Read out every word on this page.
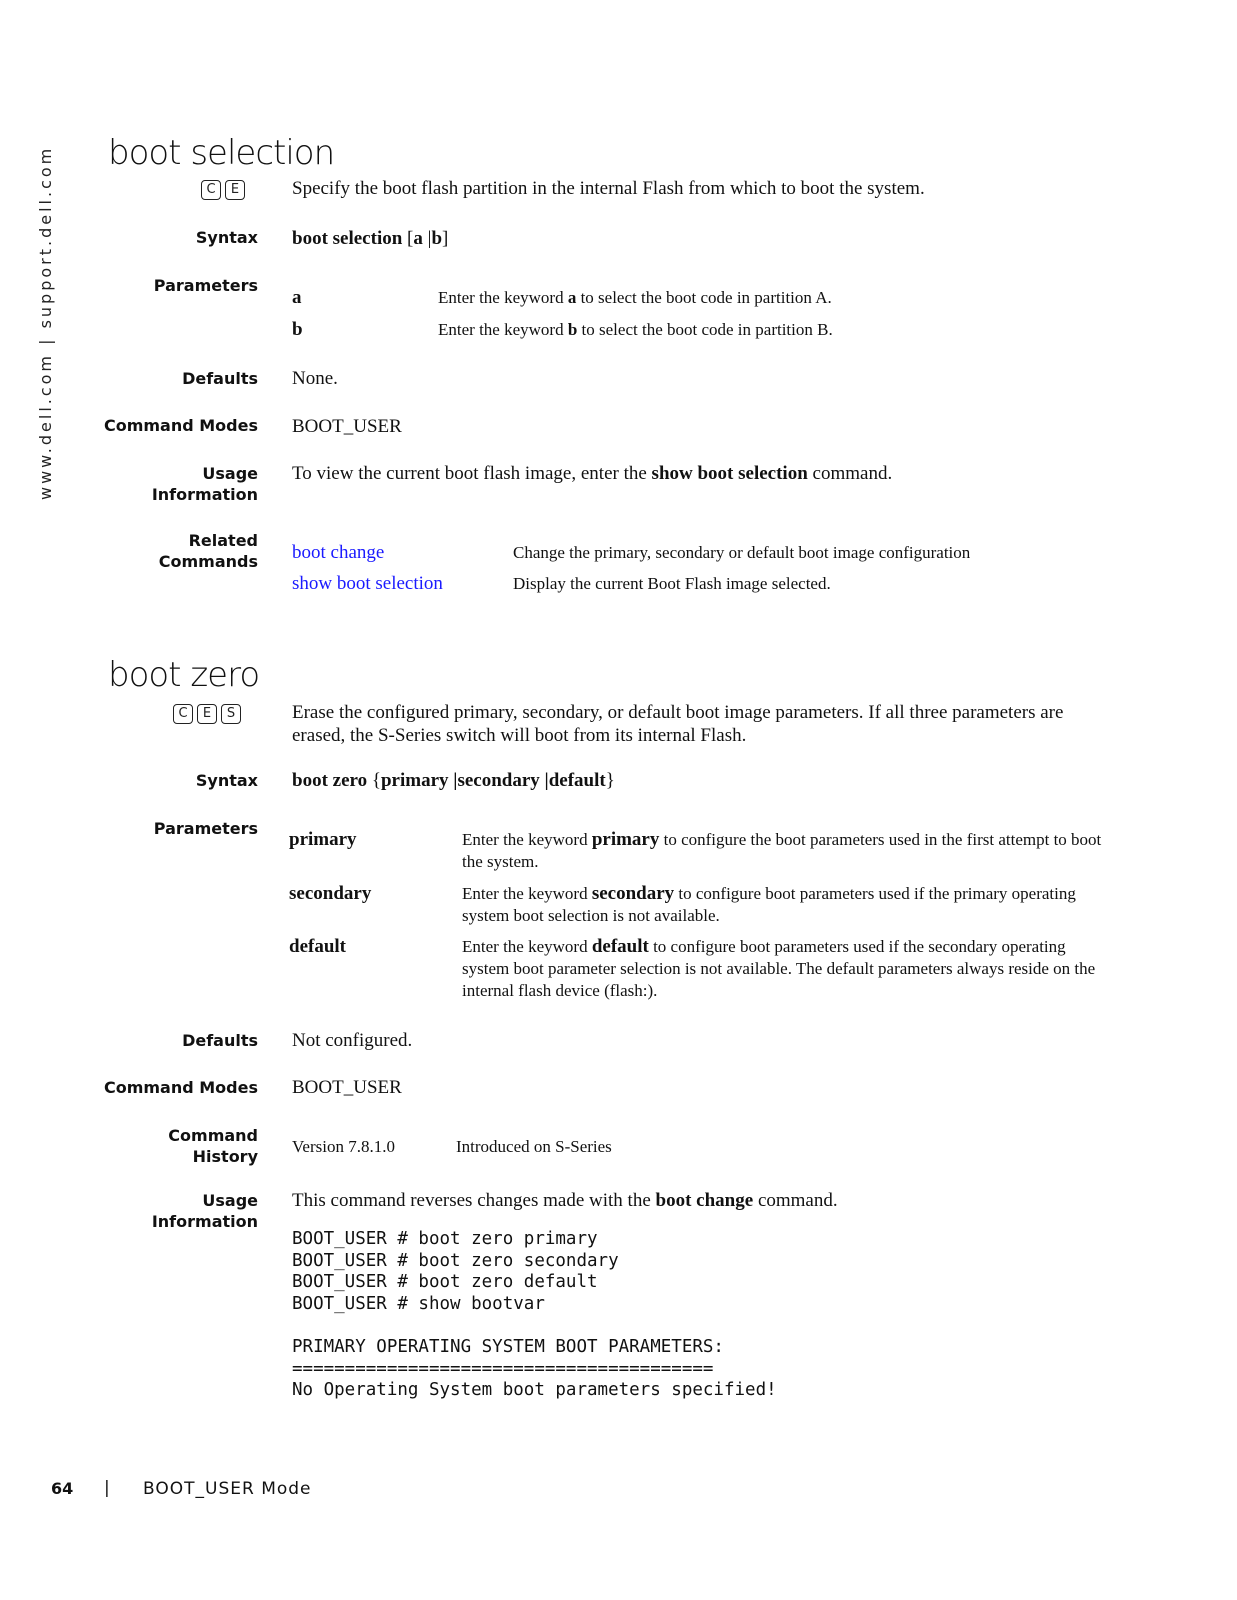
www.dell.com | support.dell.com	boot selection
C	E	Specify the boot flash partition in the internal Flash from which to boot the system.
Syntax boot selection [a |b]
Parameters
a	Enter the keyword a to select the boot code in partition A.
b	Enter the keyword b to select the boot code in partition B.
Defaults None.
Command Modes BOOT_USER
Usage
Information
To view the current boot flash image, enter the show boot selection command.
Related
Commands boot change	Change the primary, secondary or default boot image configuration
show boot selection	Display the current Boot Flash image selected.
boot zero
C	E	S	Erase the configured primary, secondary, or default boot image parameters. If all three parameters are erased, the S-Series switch will boot from its internal Flash.
Syntax boot zero {primary |secondary |default}
Parameters
primary	Enter the keyword primary to configure the boot parameters used in the first attempt to boot the system.
secondary	Enter the keyword secondary to configure boot parameters used if the primary operating system boot selection is not available.
default	Enter the keyword default to configure boot parameters used if the secondary operating system boot parameter selection is not available. The default parameters always reside on the internal flash device (flash:).
Defaults Not configured.
Command Modes BOOT_USER
Command
History
Version 7.8.1.0	Introduced on S-Series
Usage
Information
This command reverses changes made with the boot change command.
BOOT_USER # boot zero primary
BOOT_USER # boot zero secondary
BOOT_USER # boot zero default
BOOT_USER # show bootvar

PRIMARY OPERATING SYSTEM BOOT PARAMETERS:
========================================
No Operating System boot parameters specified!
64 | BOOT_USER Mode
